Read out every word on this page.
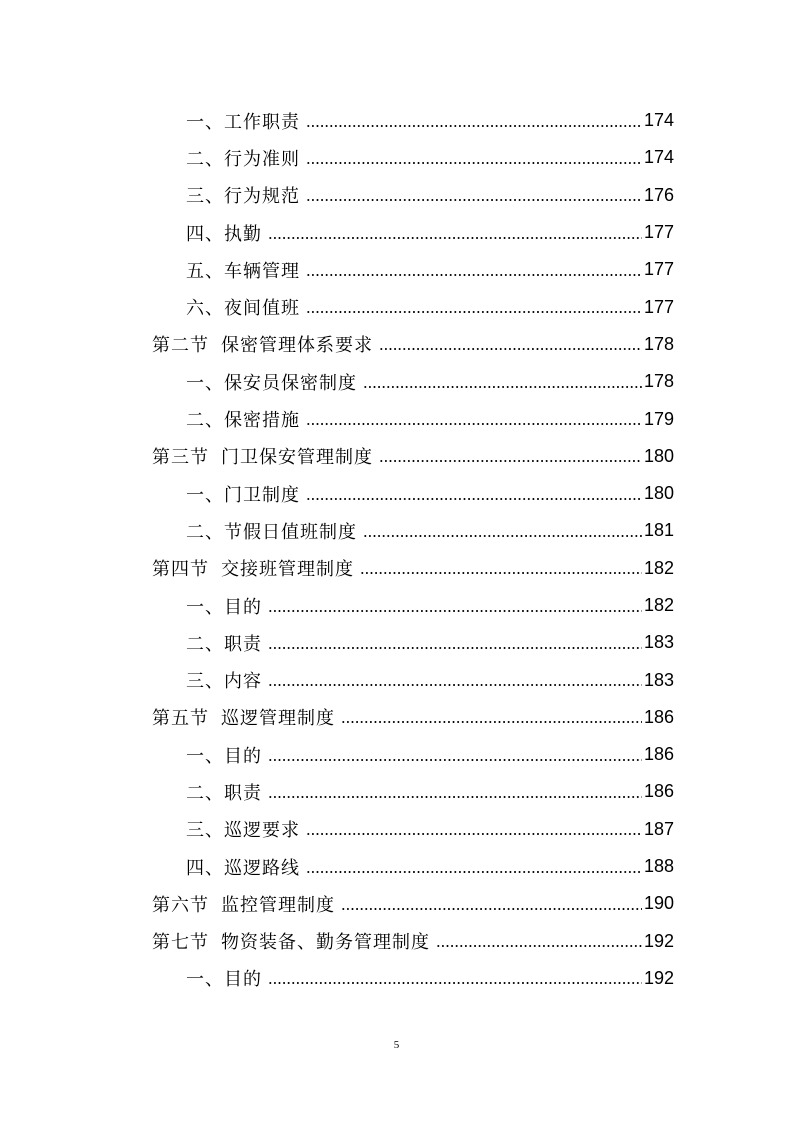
一、工作职责	174
二、行为准则	174
三、行为规范	176
四、执勤	177
五、车辆管理	177
六、夜间值班	177
第二节 保密管理体系要求	178
一、保安员保密制度	178
二、保密措施	179
第三节 门卫保安管理制度	180
一、门卫制度	180
二、节假日值班制度	181
第四节 交接班管理制度	182
一、目的	182
二、职责	183
三、内容	183
第五节 巡逻管理制度	186
一、目的	186
二、职责	186
三、巡逻要求	187
四、巡逻路线	188
第六节 监控管理制度	190
第七节 物资装备、勤务管理制度	192
一、目的	192
5
